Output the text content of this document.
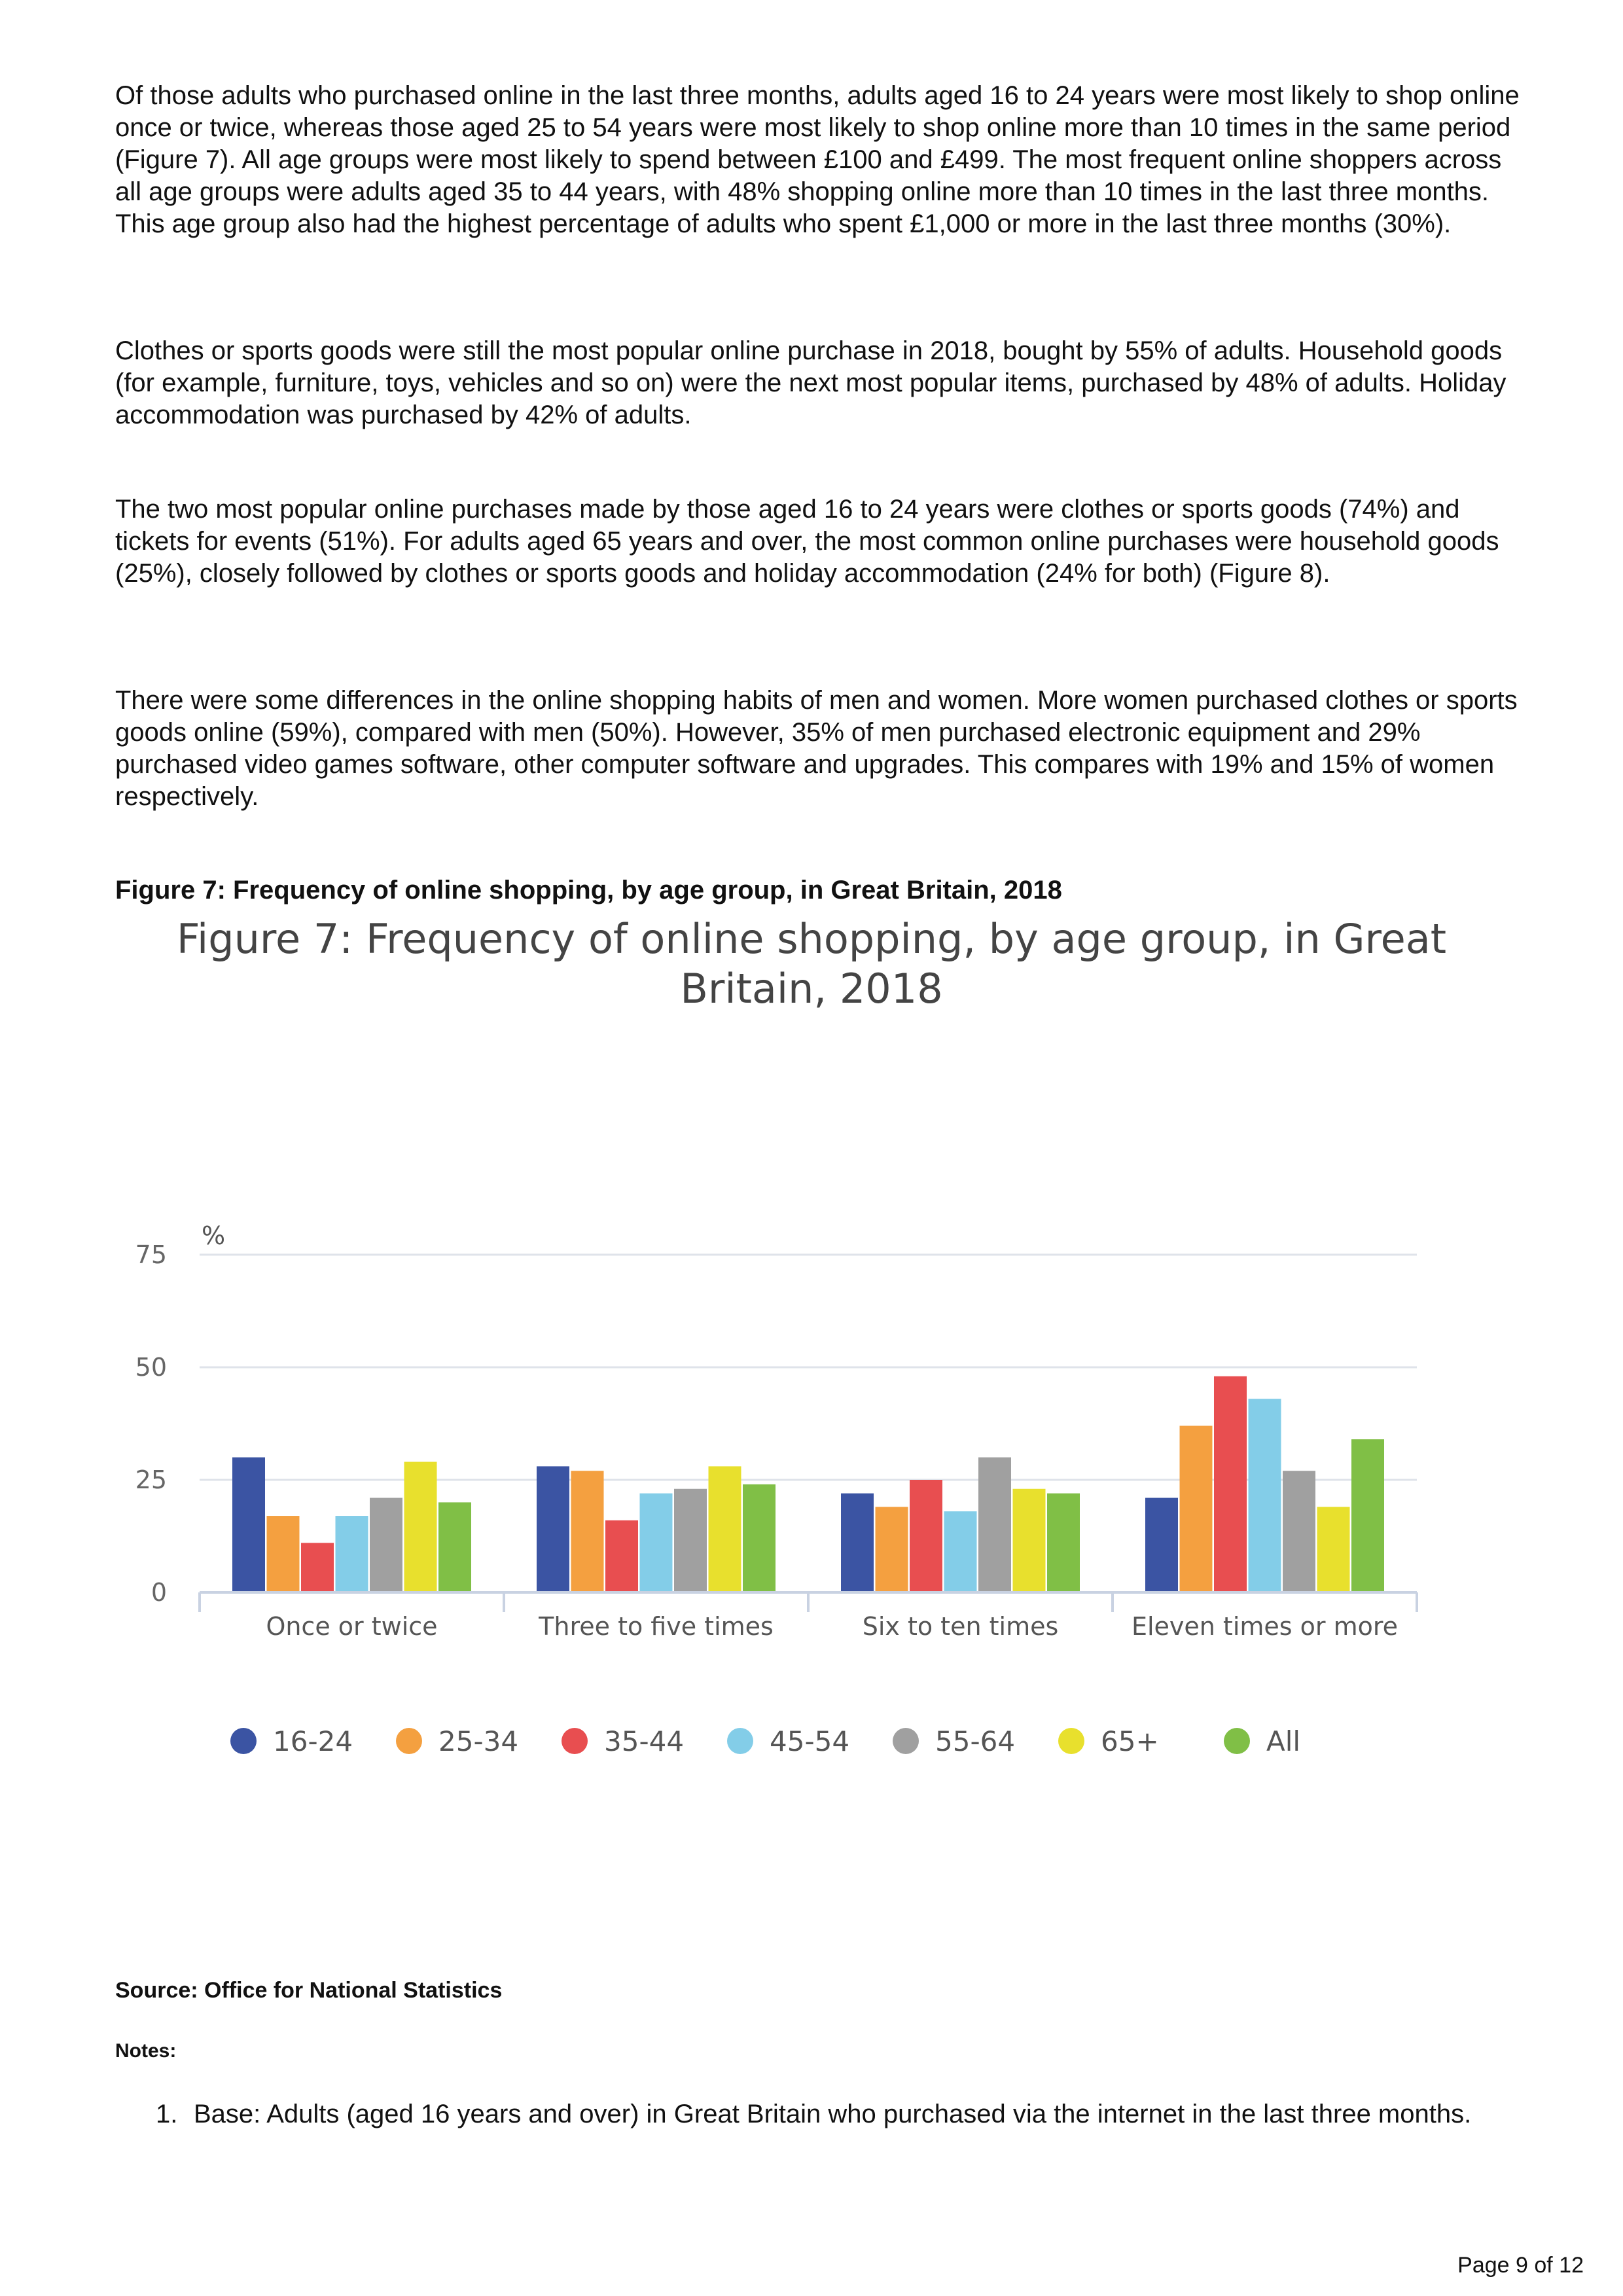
Of those adults who purchased online in the last three months, adults aged 16 to 24 years were most likely to shop online once or twice, whereas those aged 25 to 54 years were most likely to shop online more than 10 times in the same period (Figure 7). All age groups were most likely to spend between £100 and £499. The most frequent online shoppers across all age groups were adults aged 35 to 44 years, with 48% shopping online more than 10 times in the last three months. This age group also had the highest percentage of adults who spent £1,000 or more in the last three months (30%).

Clothes or sports goods were still the most popular online purchase in 2018, bought by 55% of adults. Household goods (for example, furniture, toys, vehicles and so on) were the next most popular items, purchased by 48% of adults. Holiday accommodation was purchased by 42% of adults.

The two most popular online purchases made by those aged 16 to 24 years were clothes or sports goods (74%) and tickets for events (51%). For adults aged 65 years and over, the most common online purchases were household goods (25%), closely followed by clothes or sports goods and holiday accommodation (24% for both) (Figure 8).

There were some differences in the online shopping habits of men and women. More women purchased clothes or sports goods online (59%), compared with men (50%). However, 35% of men purchased electronic equipment and 29% purchased video games software, other computer software and upgrades. This compares with 19% and 15% of women respectively.

Figure 7: Frequency of online shopping, by age group, in Great Britain, 2018

Figure 7: Frequency of online shopping, by age group, in Great
Britain, 2018
%
0
25
50
75
Once or twice	Three to five times	Six to ten times	Eleven times or more
16-24	25-34	35-44	45-54	55-64	65+	All

Source: Office for National Statistics

Notes:

1. Base: Adults (aged 16 years and over) in Great Britain who purchased via the internet in the last three months.

Page 9 of 12
